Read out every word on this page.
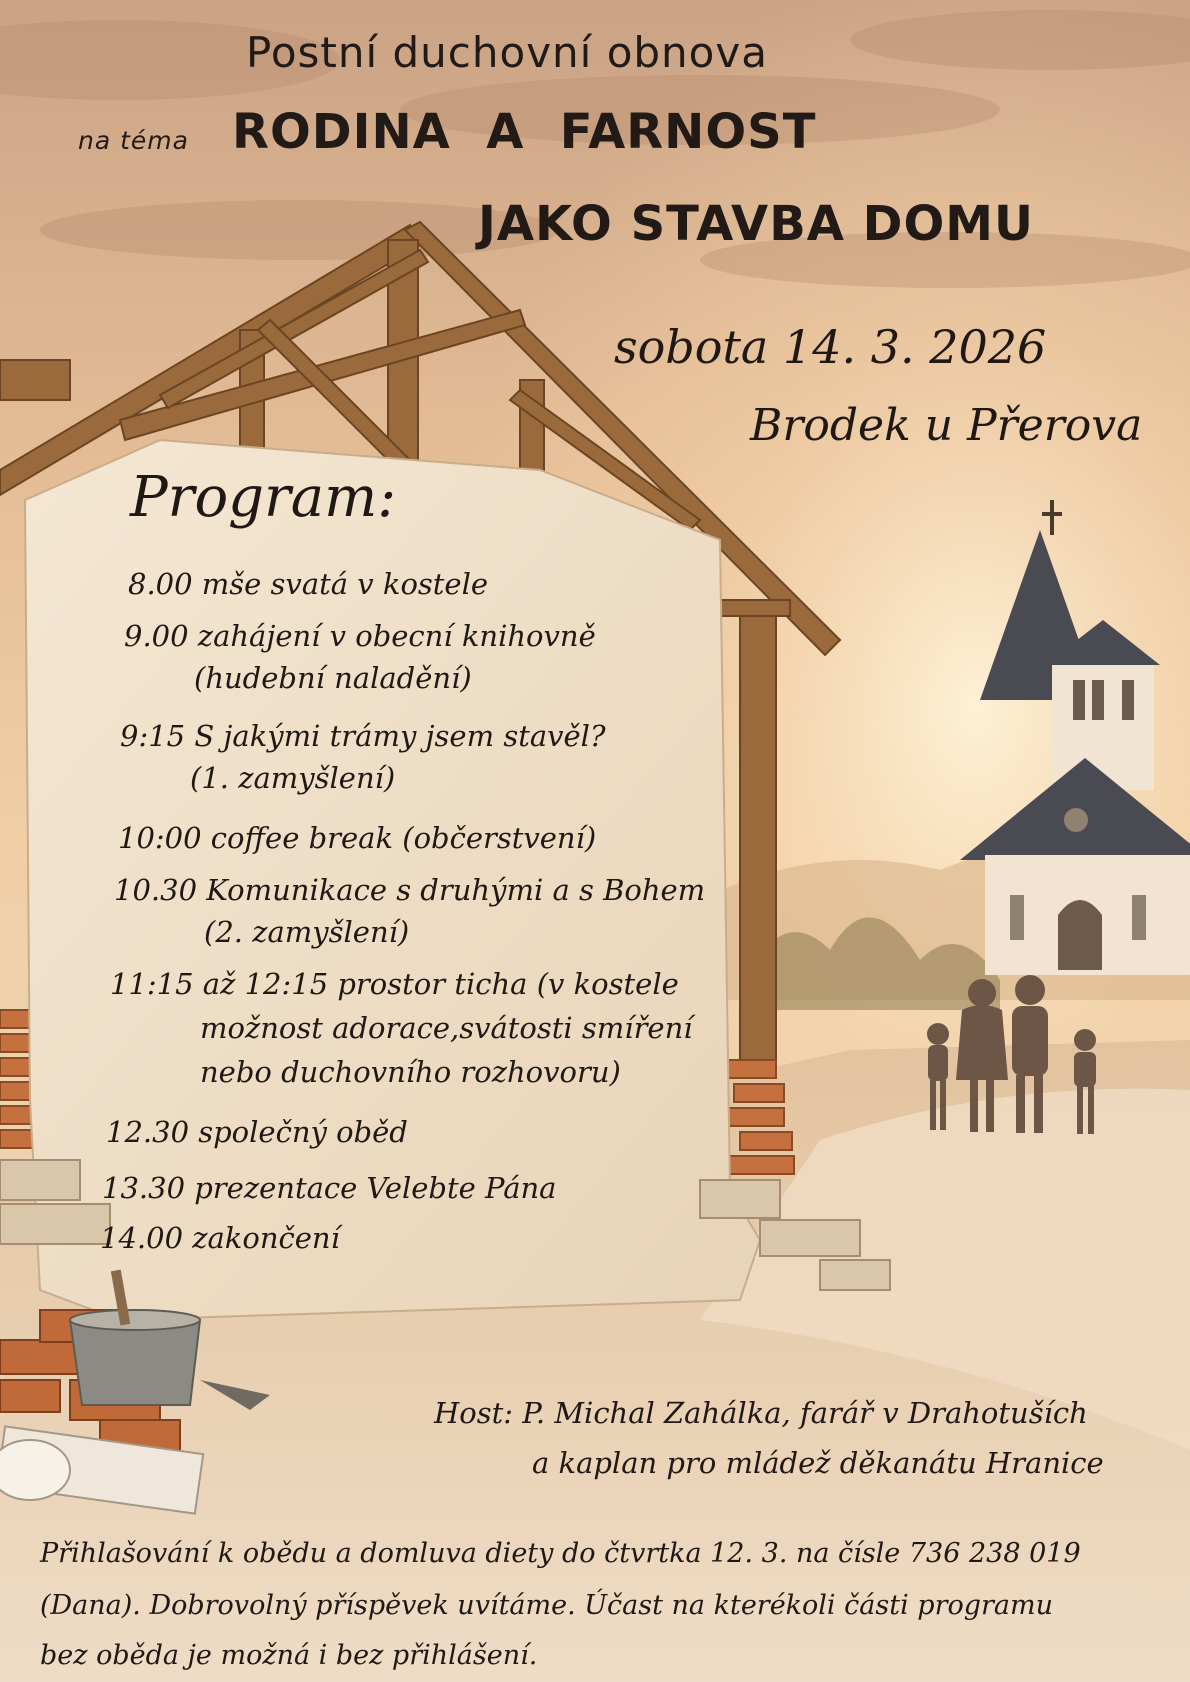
Postní duchovní obnova
na téma RODINA  A  FARNOST
JAKO STAVBA DOMU
sobota 14. 3. 2026
Brodek u Přerova
Program:
8.00 mše svatá v kostele
9.00 zahájení v obecní knihovně
(hudební naladění)
9:15 S jakými trámy jsem stavěl?
(1. zamyšlení)
10:00 coffee break (občerstvení)
10.30 Komunikace s druhými a s Bohem
(2. zamyšlení)
11:15 až 12:15 prostor ticha (v kostele
možnost adorace,svátosti smíření
nebo duchovního rozhovoru)
12.30 společný oběd
13.30 prezentace Velebte Pána
14.00 zakončení
Host: P. Michal Zahálka, farář v Drahotuších
a kaplan pro mládež děkanátu Hranice
Přihlašování k obědu a domluva diety do čtvrtka 12. 3. na čísle 736 238 019
(Dana). Dobrovolný příspěvek uvítáme. Účast na kterékoli části programu
bez oběda je možná i bez přihlášení.
